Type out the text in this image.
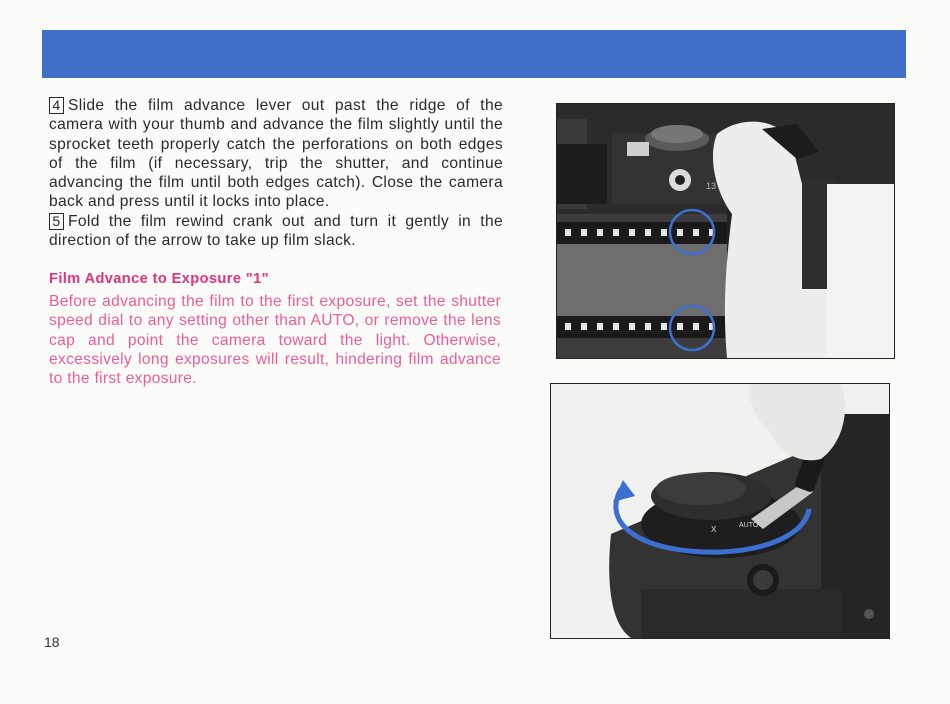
4 Slide the film advance lever out past the ridge of the camera with your thumb and advance the film slightly until the sprocket teeth properly catch the perforations on both edges of the film (if necessary, trip the shutter, and continue advancing the film until both edges catch). Close the camera back and press until it locks into place.

5 Fold the film rewind crank out and turn it gently in the direction of the arrow to take up film slack.

Film Advance to Exposure "1"
Before advancing the film to the first exposure, set the shutter speed dial to any setting other than AUTO, or remove the lens cap and point the camera toward the light. Otherwise, excessively long exposures will result, hindering film advance to the first exposure.
18
13
X	AUTO
